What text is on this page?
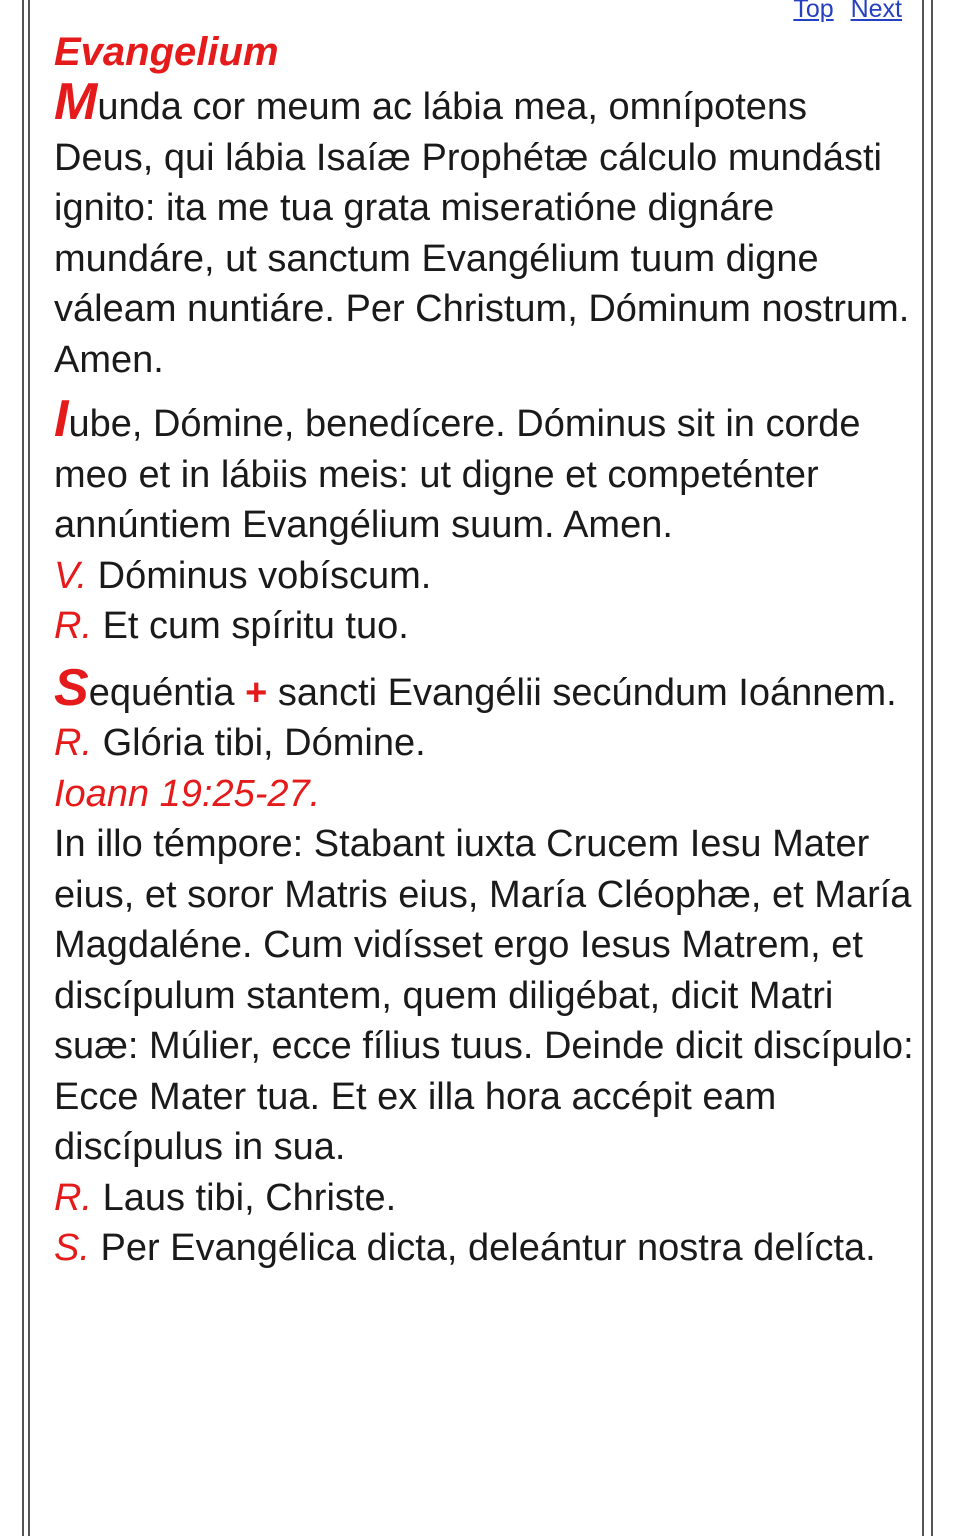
Top Next
Evangelium

Munda cor meum ac lábia mea, omnípotens Deus, qui lábia Isaíæ Prophétæ cálculo mundásti ignito: ita me tua grata miseratióne dignáre mundáre, ut sanctum Evangélium tuum digne váleam nuntiáre. Per Christum, Dóminum nostrum. Amen.

Iube, Dómine, benedícere. Dóminus sit in corde meo et in lábiis meis: ut digne et competénter annúntiem Evangélium suum. Amen.

V. Dóminus vobíscum.

R. Et cum spíritu tuo.

Sequéntia + sancti Evangélii secúndum Ioánnem.

R. Glória tibi, Dómine.

Ioann 19:25-27.

In illo témpore: Stabant iuxta Crucem Iesu Mater eius, et soror Matris eius, María Cléophæ, et María Magdaléne. Cum vidísset ergo Iesus Matrem, et discípulum stantem, quem diligébat, dicit Matri suæ: Múlier, ecce fílius tuus. Deinde dicit discípulo: Ecce Mater tua. Et ex illa hora accépit eam discípulus in sua.

R. Laus tibi, Christe.

S. Per Evangélica dicta, deleántur nostra delícta.
